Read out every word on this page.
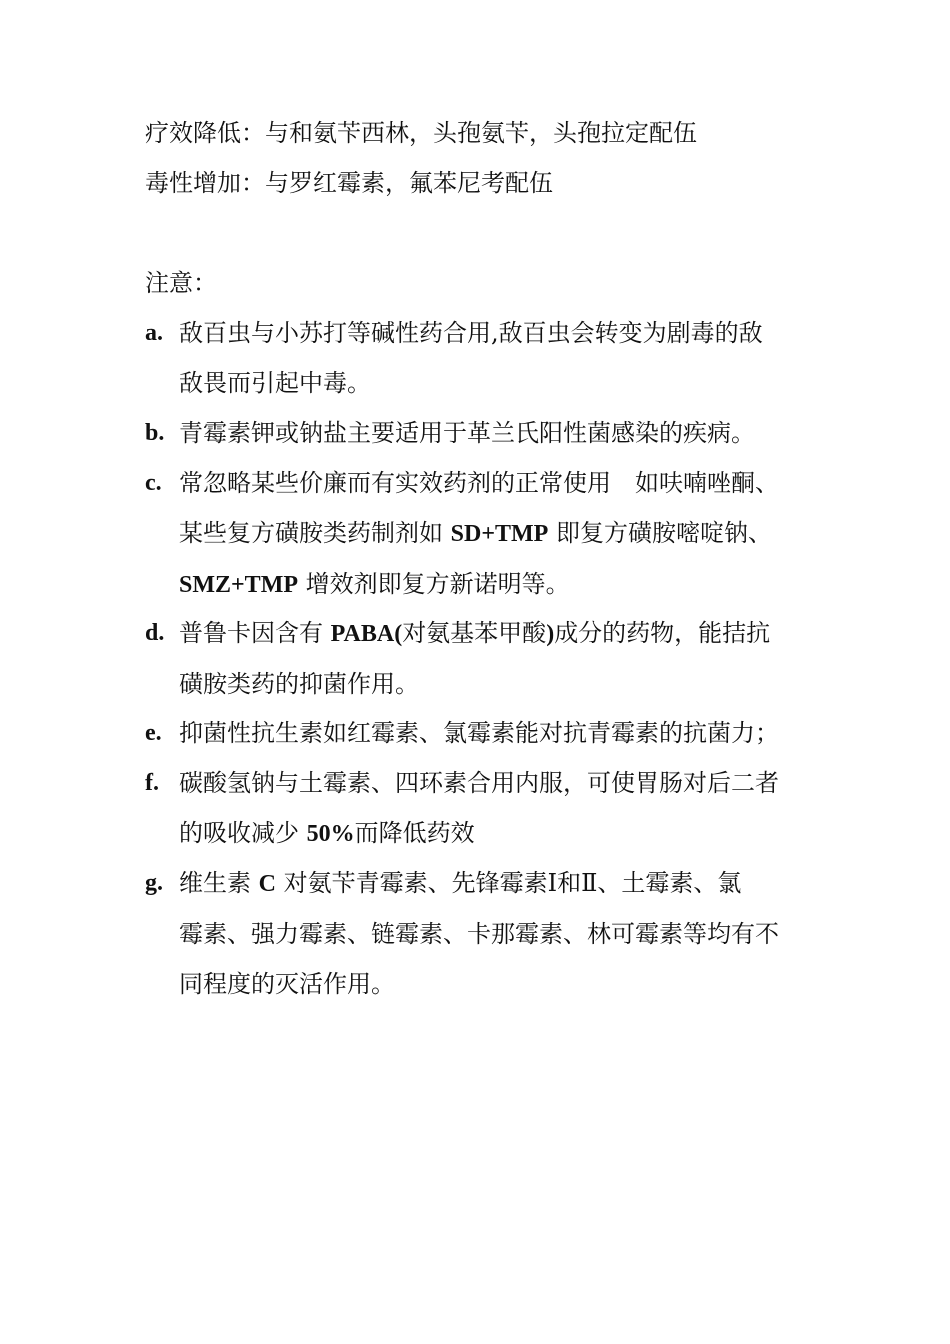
疗效降低：与和氨苄西林，头孢氨苄，头孢拉定配伍
毒性增加：与罗红霉素，氟苯尼考配伍
注意：
a. 敌百虫与小苏打等碱性药合用,敌百虫会转变为剧毒的敌
敌畏而引起中毒。
b. 青霉素钾或钠盐主要适用于革兰氏阳性菌感染的疾病。
c. 常忽略某些价廉而有实效药剂的正常使用　如呋喃唑酮、
某些复方磺胺类药制剂如 SD+TMP 即复方磺胺嘧啶钠、
SMZ+TMP 增效剂即复方新诺明等。
d. 普鲁卡因含有 PABA(对氨基苯甲酸)成分的药物，能拮抗
磺胺类药的抑菌作用。
e. 抑菌性抗生素如红霉素、氯霉素能对抗青霉素的抗菌力；
f. 碳酸氢钠与土霉素、四环素合用内服，可使胃肠对后二者
的吸收减少 50%而降低药效
g. 维生素 C 对氨苄青霉素、先锋霉素Ⅰ和Ⅱ、土霉素、氯
霉素、强力霉素、链霉素、卡那霉素、林可霉素等均有不
同程度的灭活作用。
